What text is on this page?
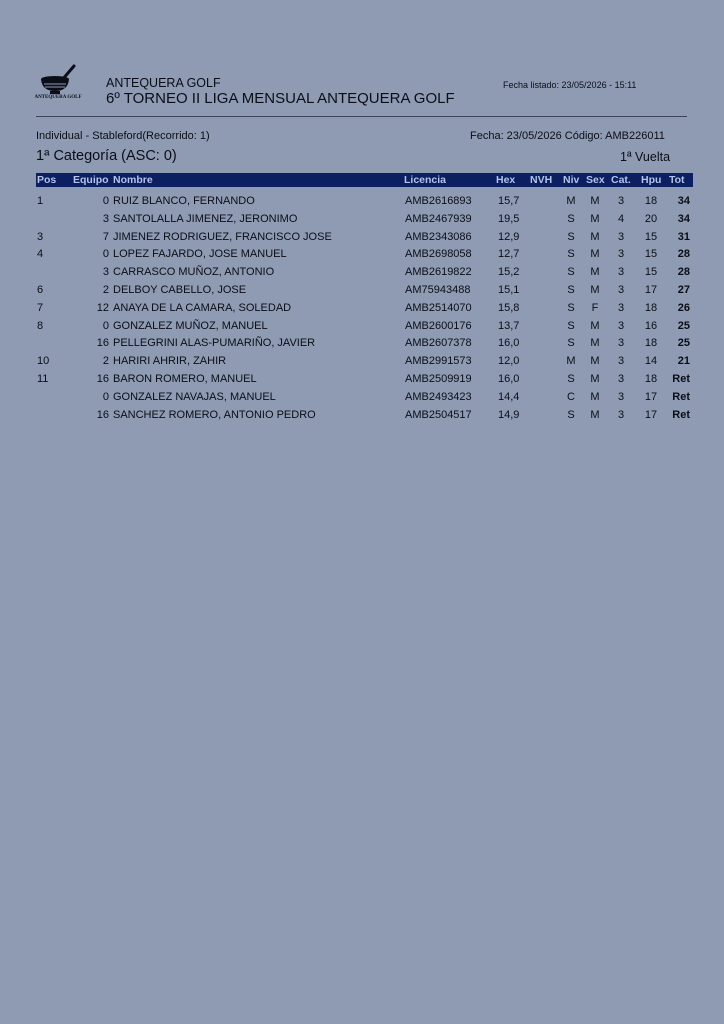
ANTEQUERA GOLF
ANTEQUERA GOLF
6º TORNEO II LIGA MENSUAL ANTEQUERA GOLF
Fecha listado: 23/05/2026 - 15:11
Individual - Stableford(Recorrido: 1)	Fecha: 23/05/2026 Código: AMB226011
1ª Categoría (ASC: 0)	1ª Vuelta
Pos Equipo Nombre	Licencia	Hex NVH Niv Sex Cat. Hpu Tot
1	0 RUIZ BLANCO, FERNANDO	AMB2616893 15,7	M	M	3	18	34
3 SANTOLALLA JIMENEZ, JERONIMO	AMB2467939 19,5	S	M	4	20	34
3	7 JIMENEZ RODRIGUEZ, FRANCISCO JOSE	AMB2343086 12,9	S	M	3	15	31
4	0 LOPEZ FAJARDO, JOSE MANUEL	AMB2698058 12,7	S	M	3	15	28
3 CARRASCO MUÑOZ, ANTONIO	AMB2619822 15,2	S	M	3	15	28
6	2 DELBOY CABELLO, JOSE	AM75943488	15,1	S	M	3	17	27
7	12 ANAYA DE LA CAMARA, SOLEDAD	AMB2514070 15,8	S	F	3	18	26
8	0 GONZALEZ MUÑOZ, MANUEL	AMB2600176 13,7	S	M	3	16	25
16 PELLEGRINI ALAS-PUMARIÑO, JAVIER	AMB2607378 16,0	S	M	3	18	25
10	2 HARIRI AHRIR, ZAHIR	AMB2991573 12,0	M	M	3	14	21
11	16 BARON ROMERO, MANUEL	AMB2509919 16,0	S	M	3	18	Ret
0 GONZALEZ NAVAJAS, MANUEL	AMB2493423 14,4	C	M	3	17	Ret
16 SANCHEZ ROMERO, ANTONIO PEDRO	AMB2504517 14,9	S	M	3	17	Ret
